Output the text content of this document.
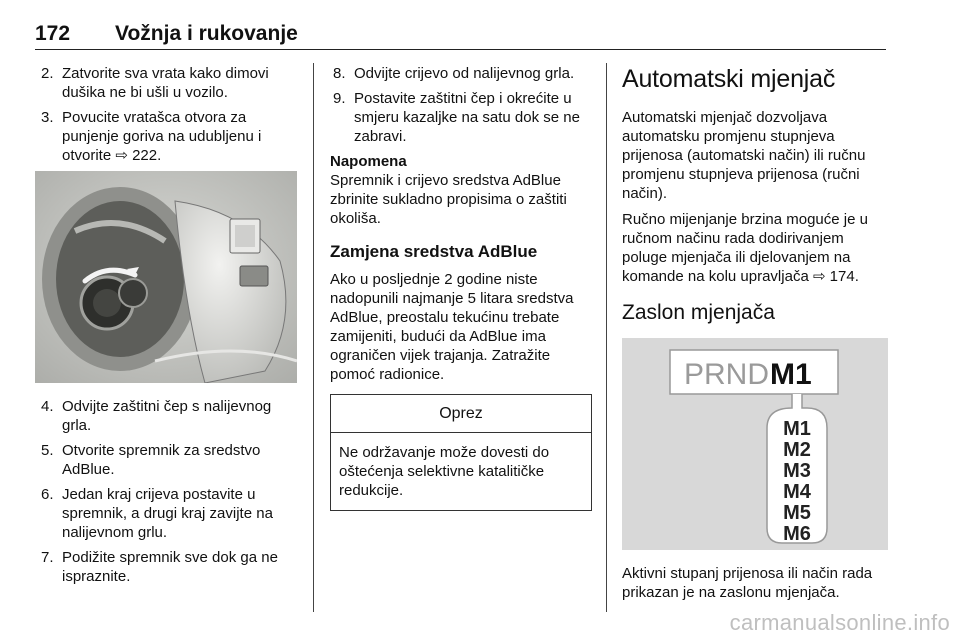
172 Vožnja i rukovanje
2. Zatvorite sva vrata kako dimovi dušika ne bi ušli u vozilo.
3. Povucite vratašca otvora za punjenje goriva na udubljenu i otvorite ⇨ 222.
4. Odvijte zaštitni čep s nalijevnog grla.
5. Otvorite spremnik za sredstvo AdBlue.
6. Jedan kraj crijeva postavite u spremnik, a drugi kraj zavijte na nalijevnom grlu.
7. Podižite spremnik sve dok ga ne ispraznite.
8. Odvijte crijevo od nalijevnog grla.
9. Postavite zaštitni čep i okrećite u smjeru kazaljke na satu dok se ne zabravi.
Napomena
Spremnik i crijevo sredstva AdBlue zbrinite sukladno propisima o zaštiti okoliša.
Zamjena sredstva AdBlue
Ako u posljednje 2 godine niste nadopunili najmanje 5 litara sredstva AdBlue, preostalu tekućinu trebate zamijeniti, budući da AdBlue ima ograničen vijek trajanja. Zatražite pomoć radionice.
Oprez
Ne održavanje može dovesti do oštećenja selektivne katalitičke redukcije.
Automatski mjenjač
Automatski mjenjač dozvoljava automatsku promjenu stupnjeva prijenosa (automatski način) ili ručnu promjenu stupnjeva prijenosa (ručni način).
Ručno mijenjanje brzina moguće je u ručnom načinu rada dodirivanjem poluge mjenjača ili djelovanjem na komande na kolu upravljača ⇨ 174.
Zaslon mjenjača
PRND M1
M1
M2
M3
M4
M5
M6
Aktivni stupanj prijenosa ili način rada prikazan je na zaslonu mjenjača.
carmanualsonline.info
